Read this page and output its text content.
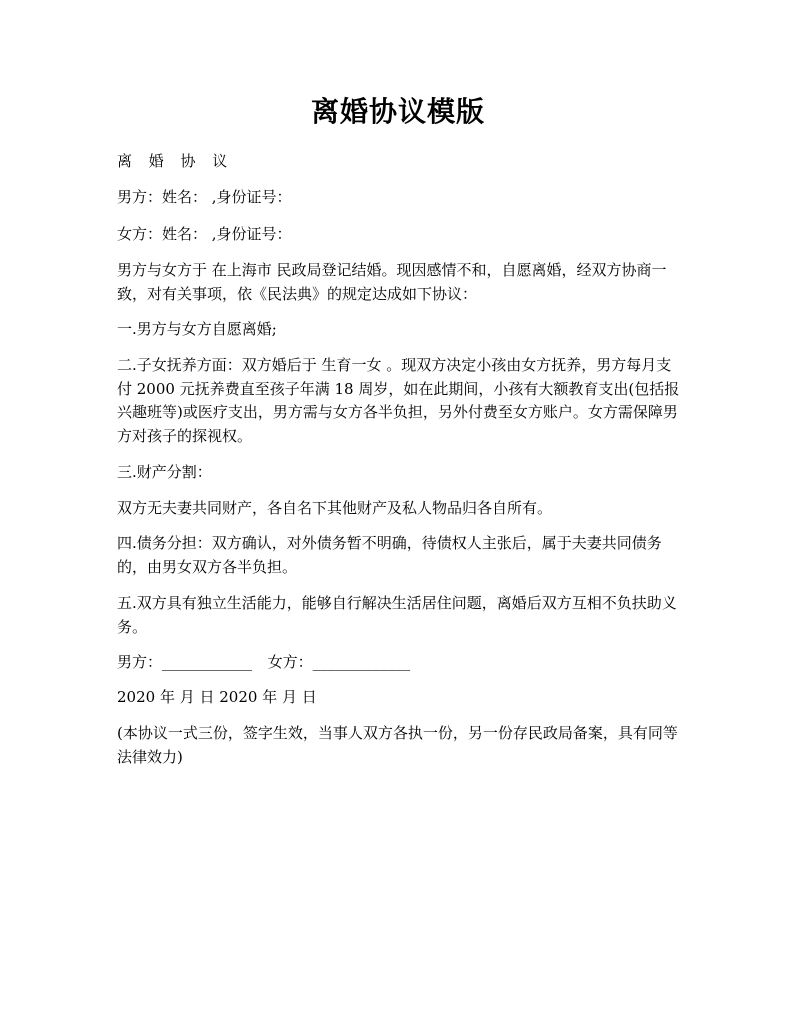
离婚协议模版
离 婚 协 议
男方：姓名： ,身份证号：
女方：姓名： ,身份证号：
男方与女方于 在上海市 民政局登记结婚。现因感情不和，自愿离婚，经双方协商一致，对有关事项，依《民法典》的规定达成如下协议：
一.男方与女方自愿离婚;
二.子女抚养方面：双方婚后于 生育一女 。现双方决定小孩由女方抚养，男方每月支付 2000 元抚养费直至孩子年满 18 周岁，如在此期间，小孩有大额教育支出(包括报兴趣班等)或医疗支出，男方需与女方各半负担，另外付费至女方账户。女方需保障男方对孩子的探视权。
三.财产分割：
双方无夫妻共同财产，各自名下其他财产及私人物品归各自所有。
四.债务分担：双方确认，对外债务暂不明确，待债权人主张后，属于夫妻共同债务的，由男女双方各半负担。
五.双方具有独立生活能力，能够自行解决生活居住问题，离婚后双方互相不负扶助义务。
男方：____________ 女方：_____________
2020 年 月 日 2020 年 月 日
(本协议一式三份，签字生效，当事人双方各执一份，另一份存民政局备案，具有同等法律效力)
